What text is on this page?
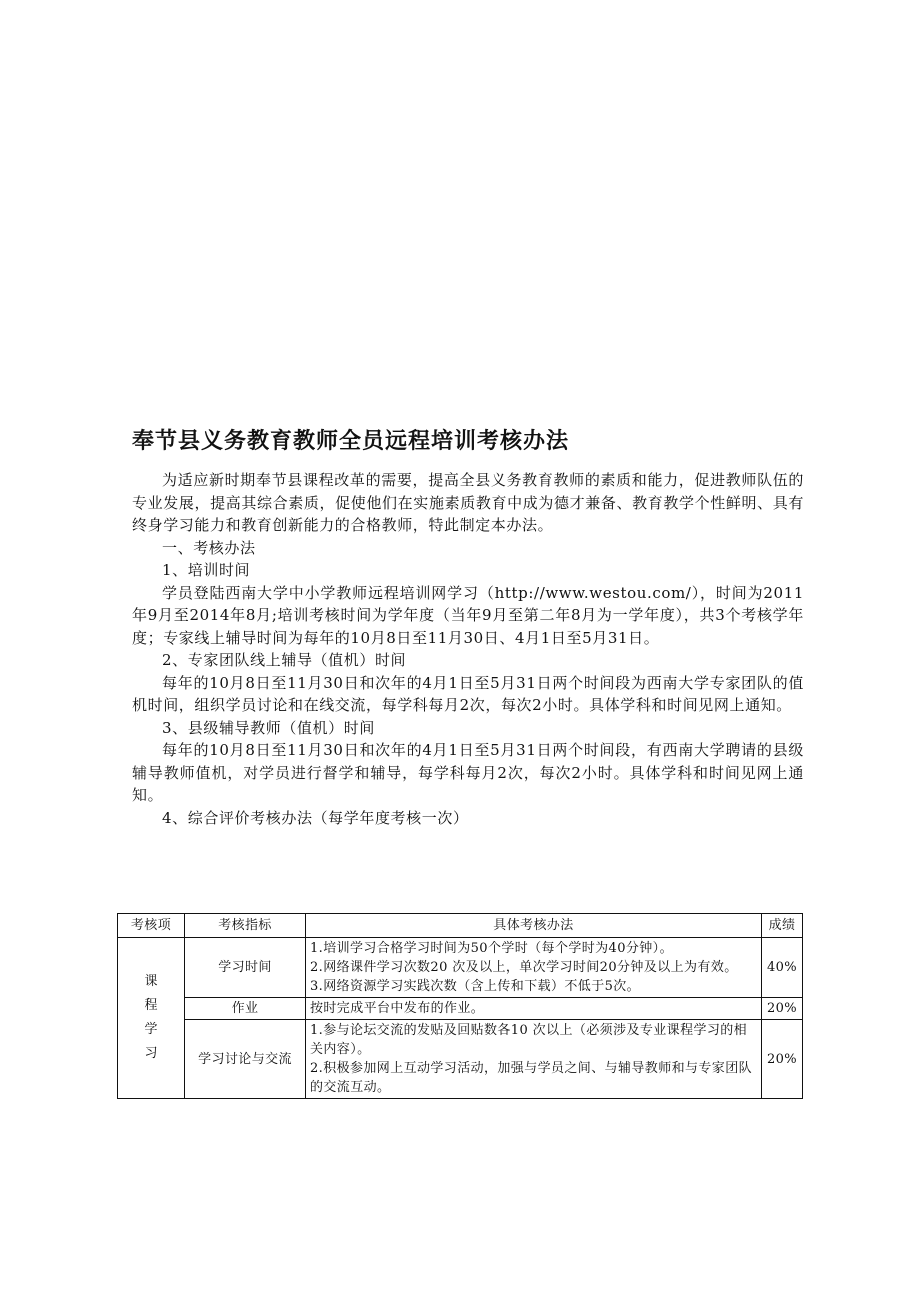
奉节县义务教育教师全员远程培训考核办法

为适应新时期奉节县课程改革的需要，提高全县义务教育教师的素质和能力，促进教师队伍的专业发展，提高其综合素质，促使他们在实施素质教育中成为德才兼备、教育教学个性鲜明、具有终身学习能力和教育创新能力的合格教师，特此制定本办法。

一、考核办法

1、培训时间

学员登陆西南大学中小学教师远程培训网学习（http://www.westou.com/），时间为2011年9月至2014年8月;培训考核时间为学年度（当年9月至第二年8月为一学年度），共3个考核学年度；专家线上辅导时间为每年的10月8日至11月30日、4月1日至5月31日。

2、专家团队线上辅导（值机）时间

每年的10月8日至11月30日和次年的4月1日至5月31日两个时间段为西南大学专家团队的值机时间，组织学员讨论和在线交流，每学科每月2次，每次2小时。具体学科和时间见网上通知。

3、县级辅导教师（值机）时间

每年的10月8日至11月30日和次年的4月1日至5月31日两个时间段，有西南大学聘请的县级辅导教师值机，对学员进行督学和辅导，每学科每月2次，每次2小时。具体学科和时间见网上通知。

4、综合评价考核办法（每学年度考核一次）

考核项	考核指标	具体考核办法	成绩
课程学习	学习时间	1.培训学习合格学习时间为50个学时（每个学时为40分钟）。
2.网络课件学习次数20 次及以上，单次学习时间20分钟及以上为有效。
3.网络资源学习实践次数（含上传和下载）不低于5次。	40%
	作业	按时完成平台中发布的作业。	20%
	学习讨论与交流	1.参与论坛交流的发贴及回贴数各10 次以上（必须涉及专业课程学习的相关内容）。
2.积极参加网上互动学习活动，加强与学员之间、与辅导教师和与专家团队的交流互动。	20%
